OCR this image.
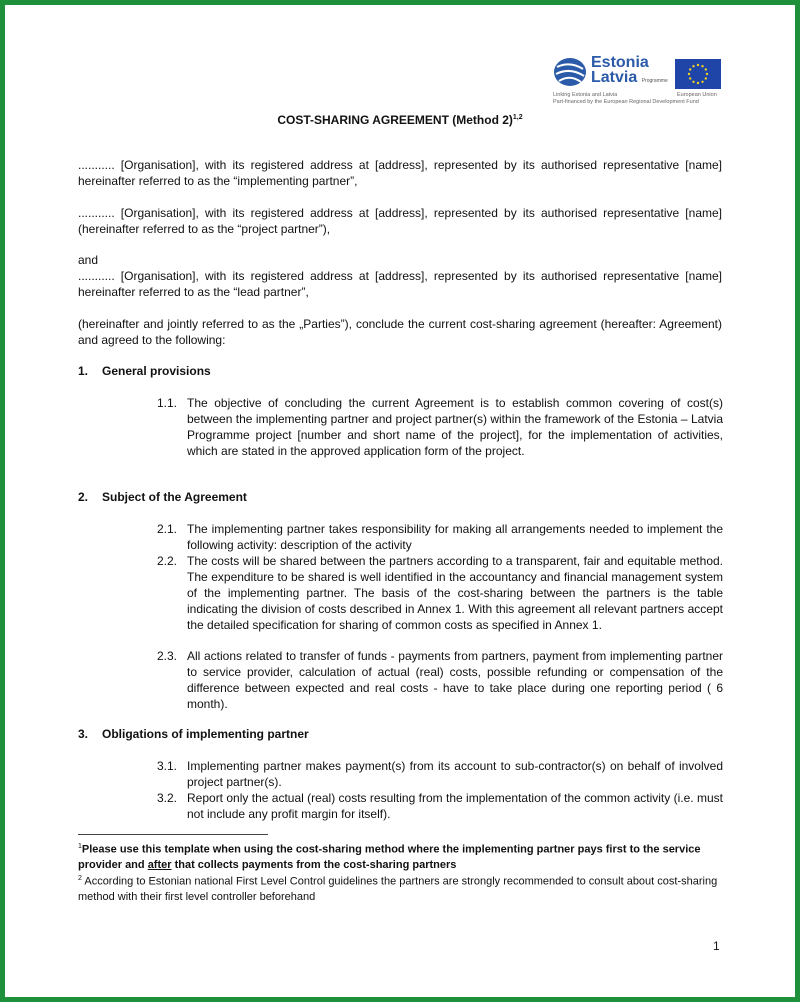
Estonia
Latvia Programme
Linking Estonia and Latvia
Part-financed by the European Regional Development Fund
European Union
COST-SHARING AGREEMENT (Method 2)$^{1,2}$
........... [Organisation], with its registered address at [address], represented by its authorised representative [name] hereinafter referred to as the “implementing partner”,
........... [Organisation], with its registered address at [address], represented by its authorised representative [name] (hereinafter referred to as the “project partner”),
and
........... [Organisation], with its registered address at [address], represented by its authorised representative [name] hereinafter referred to as the “lead partner”,
(hereinafter and jointly referred to as the „Parties”), conclude the current cost-sharing agreement (hereafter: Agreement) and agreed to the following:
1. General provisions
1.1. The objective of concluding the current Agreement is to establish common covering of cost(s) between the implementing partner and project partner(s) within the framework of the Estonia – Latvia Programme project [number and short name of the project], for the implementation of activities, which are stated in the approved application form of the project.
2. Subject of the Agreement
2.1. The implementing partner takes responsibility for making all arrangements needed to implement the following activity: description of the activity
2.2. The costs will be shared between the partners according to a transparent, fair and equitable method. The expenditure to be shared is well identified in the accountancy and financial management system of the implementing partner. The basis of the cost-sharing between the partners is the table indicating the division of costs described in Annex 1. With this agreement all relevant partners accept the detailed specification for sharing of common costs as specified in Annex 1.
2.3. All actions related to transfer of funds - payments from partners, payment from implementing partner to service provider, calculation of actual (real) costs, possible refunding or compensation of the difference between expected and real costs - have to take place during one reporting period ( 6 month).
3. Obligations of implementing partner
3.1. Implementing partner makes payment(s) from its account to sub-contractor(s) on behalf of involved project partner(s).
3.2. Report only the actual (real) costs resulting from the implementation of the common activity (i.e. must not include any profit margin for itself).
$^1$Please use this template when using the cost-sharing method where the implementing partner pays first to the service provider and after that collects payments from the cost-sharing partners
$^2$ According to Estonian national First Level Control guidelines the partners are strongly recommended to consult about cost-sharing method with their first level controller beforehand
1
